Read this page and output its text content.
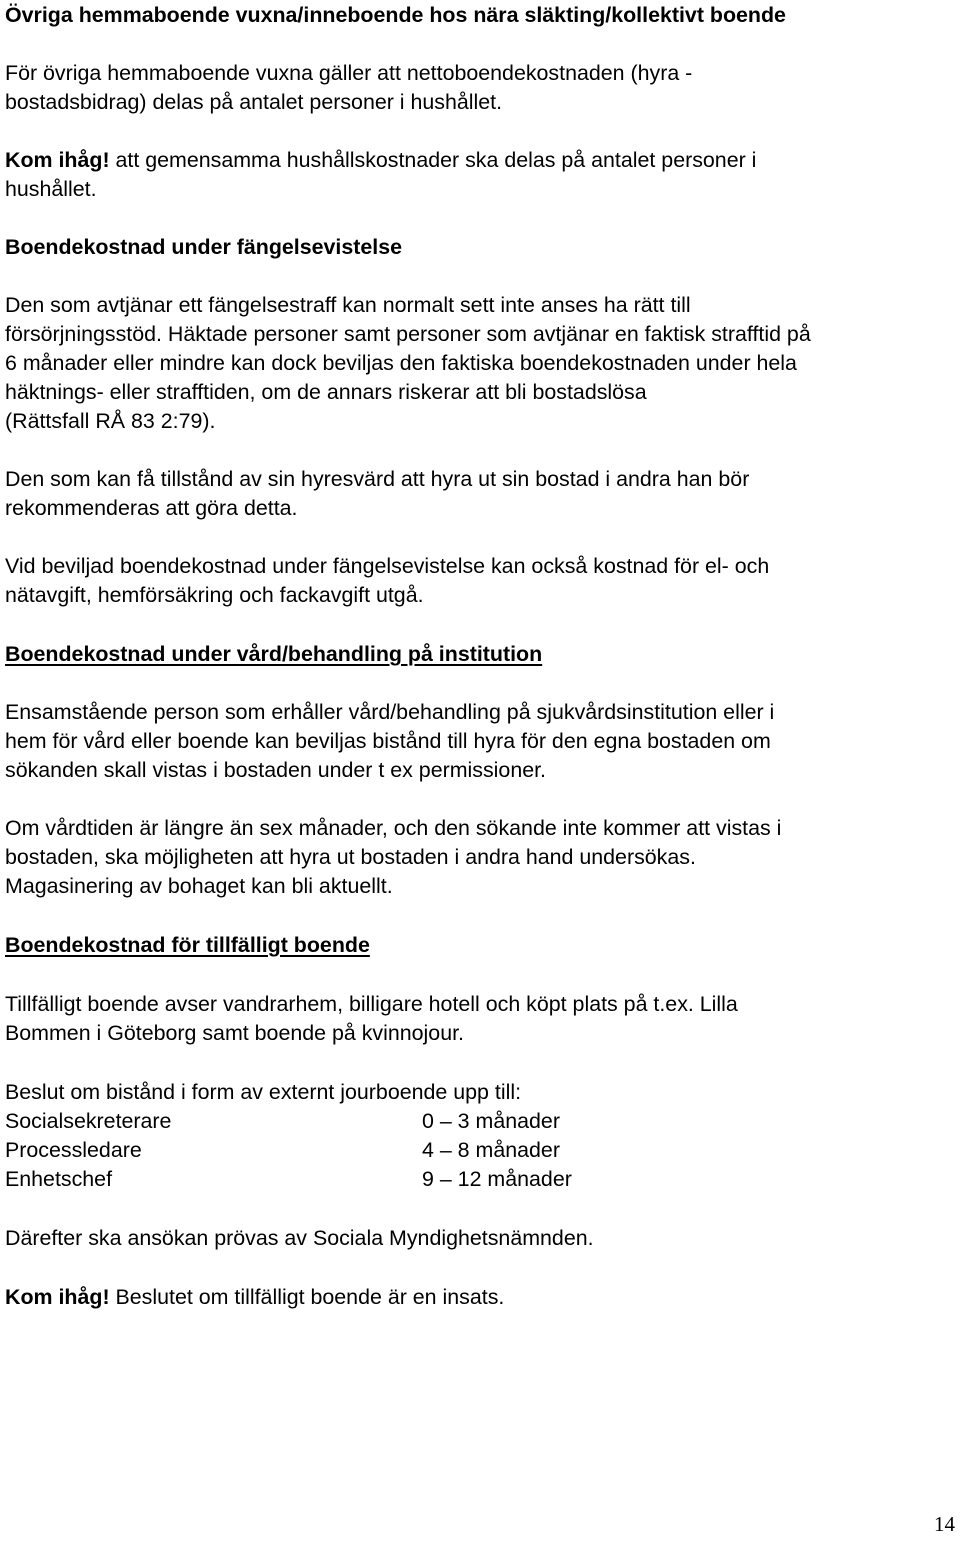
Övriga hemmaboende vuxna/inneboende hos nära släkting/kollektivt boende

För övriga hemmaboende vuxna gäller att nettoboendekostnaden (hyra -

bostadsbidrag) delas på antalet personer i hushållet.

Kom ihåg! att gemensamma hushållskostnader ska delas på antalet personer i

hushållet.

Boendekostnad under fängelsevistelse

Den som avtjänar ett fängelsestraff kan normalt sett inte anses ha rätt till

försörjningsstöd. Häktade personer samt personer som avtjänar en faktisk strafftid på

6 månader eller mindre kan dock beviljas den faktiska boendekostnaden under hela

häktnings- eller strafftiden, om de annars riskerar att bli bostadslösa

(Rättsfall RÅ 83 2:79).

Den som kan få tillstånd av sin hyresvärd att hyra ut sin bostad i andra han bör

rekommenderas att göra detta.

Vid beviljad boendekostnad under fängelsevistelse kan också kostnad för el- och

nätavgift, hemförsäkring och fackavgift utgå.

Boendekostnad under vård/behandling på institution

Ensamstående person som erhåller vård/behandling på sjukvårdsinstitution eller i

hem för vård eller boende kan beviljas bistånd till hyra för den egna bostaden om

sökanden skall vistas i bostaden under t ex permissioner.

Om vårdtiden är längre än sex månader, och den sökande inte kommer att vistas i

bostaden, ska möjligheten att hyra ut bostaden i andra hand undersökas.

Magasinering av bohaget kan bli aktuellt.

Boendekostnad för tillfälligt boende

Tillfälligt boende avser vandrarhem, billigare hotell och köpt plats på t.ex. Lilla

Bommen i Göteborg samt boende på kvinnojour.

Beslut om bistånd i form av externt jourboende upp till:

Socialsekreterare	0 – 3 månader
Processledare	4 – 8 månader
Enhetschef	9 – 12 månader

Därefter ska ansökan prövas av Sociala Myndighetsnämnden.

Kom ihåg! Beslutet om tillfälligt boende är en insats.

14
